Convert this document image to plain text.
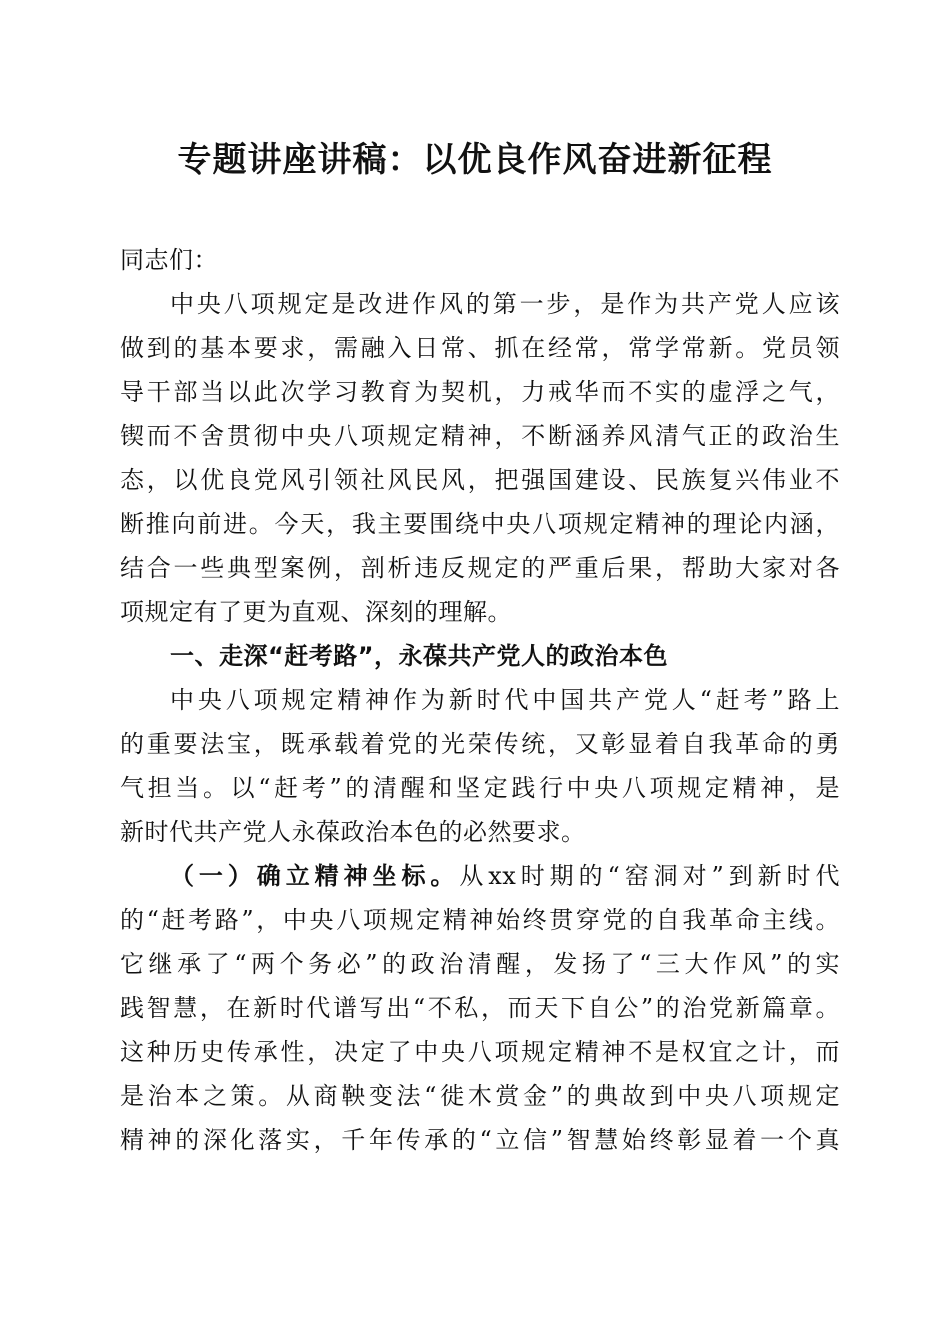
专题讲座讲稿：以优良作风奋进新征程
同志们：
中央八项规定是改进作风的第一步，是作为共产党人应该
做到的基本要求，需融入日常、抓在经常，常学常新。党员领
导干部当以此次学习教育为契机，力戒华而不实的虚浮之气，
锲而不舍贯彻中央八项规定精神，不断涵养风清气正的政治生
态，以优良党风引领社风民风，把强国建设、民族复兴伟业不
断推向前进。今天，我主要围绕中央八项规定精神的理论内涵，
结合一些典型案例，剖析违反规定的严重后果，帮助大家对各
项规定有了更为直观、深刻的理解。
一、走深“赶考路”，永葆共产党人的政治本色
中央八项规定精神作为新时代中国共产党人“赶考”路上
的重要法宝，既承载着党的光荣传统，又彰显着自我革命的勇
气担当。以“赶考”的清醒和坚定践行中央八项规定精神，是
新时代共产党人永葆政治本色的必然要求。
（一）确立精神坐标。从xx时期的“窑洞对”到新时代
的“赶考路”，中央八项规定精神始终贯穿党的自我革命主线。
它继承了“两个务必”的政治清醒，发扬了“三大作风”的实
践智慧，在新时代谱写出“不私，而天下自公”的治党新篇章。
这种历史传承性，决定了中央八项规定精神不是权宜之计，而
是治本之策。从商鞅变法“徙木赏金”的典故到中央八项规定
精神的深化落实，千年传承的“立信”智慧始终彰显着一个真
